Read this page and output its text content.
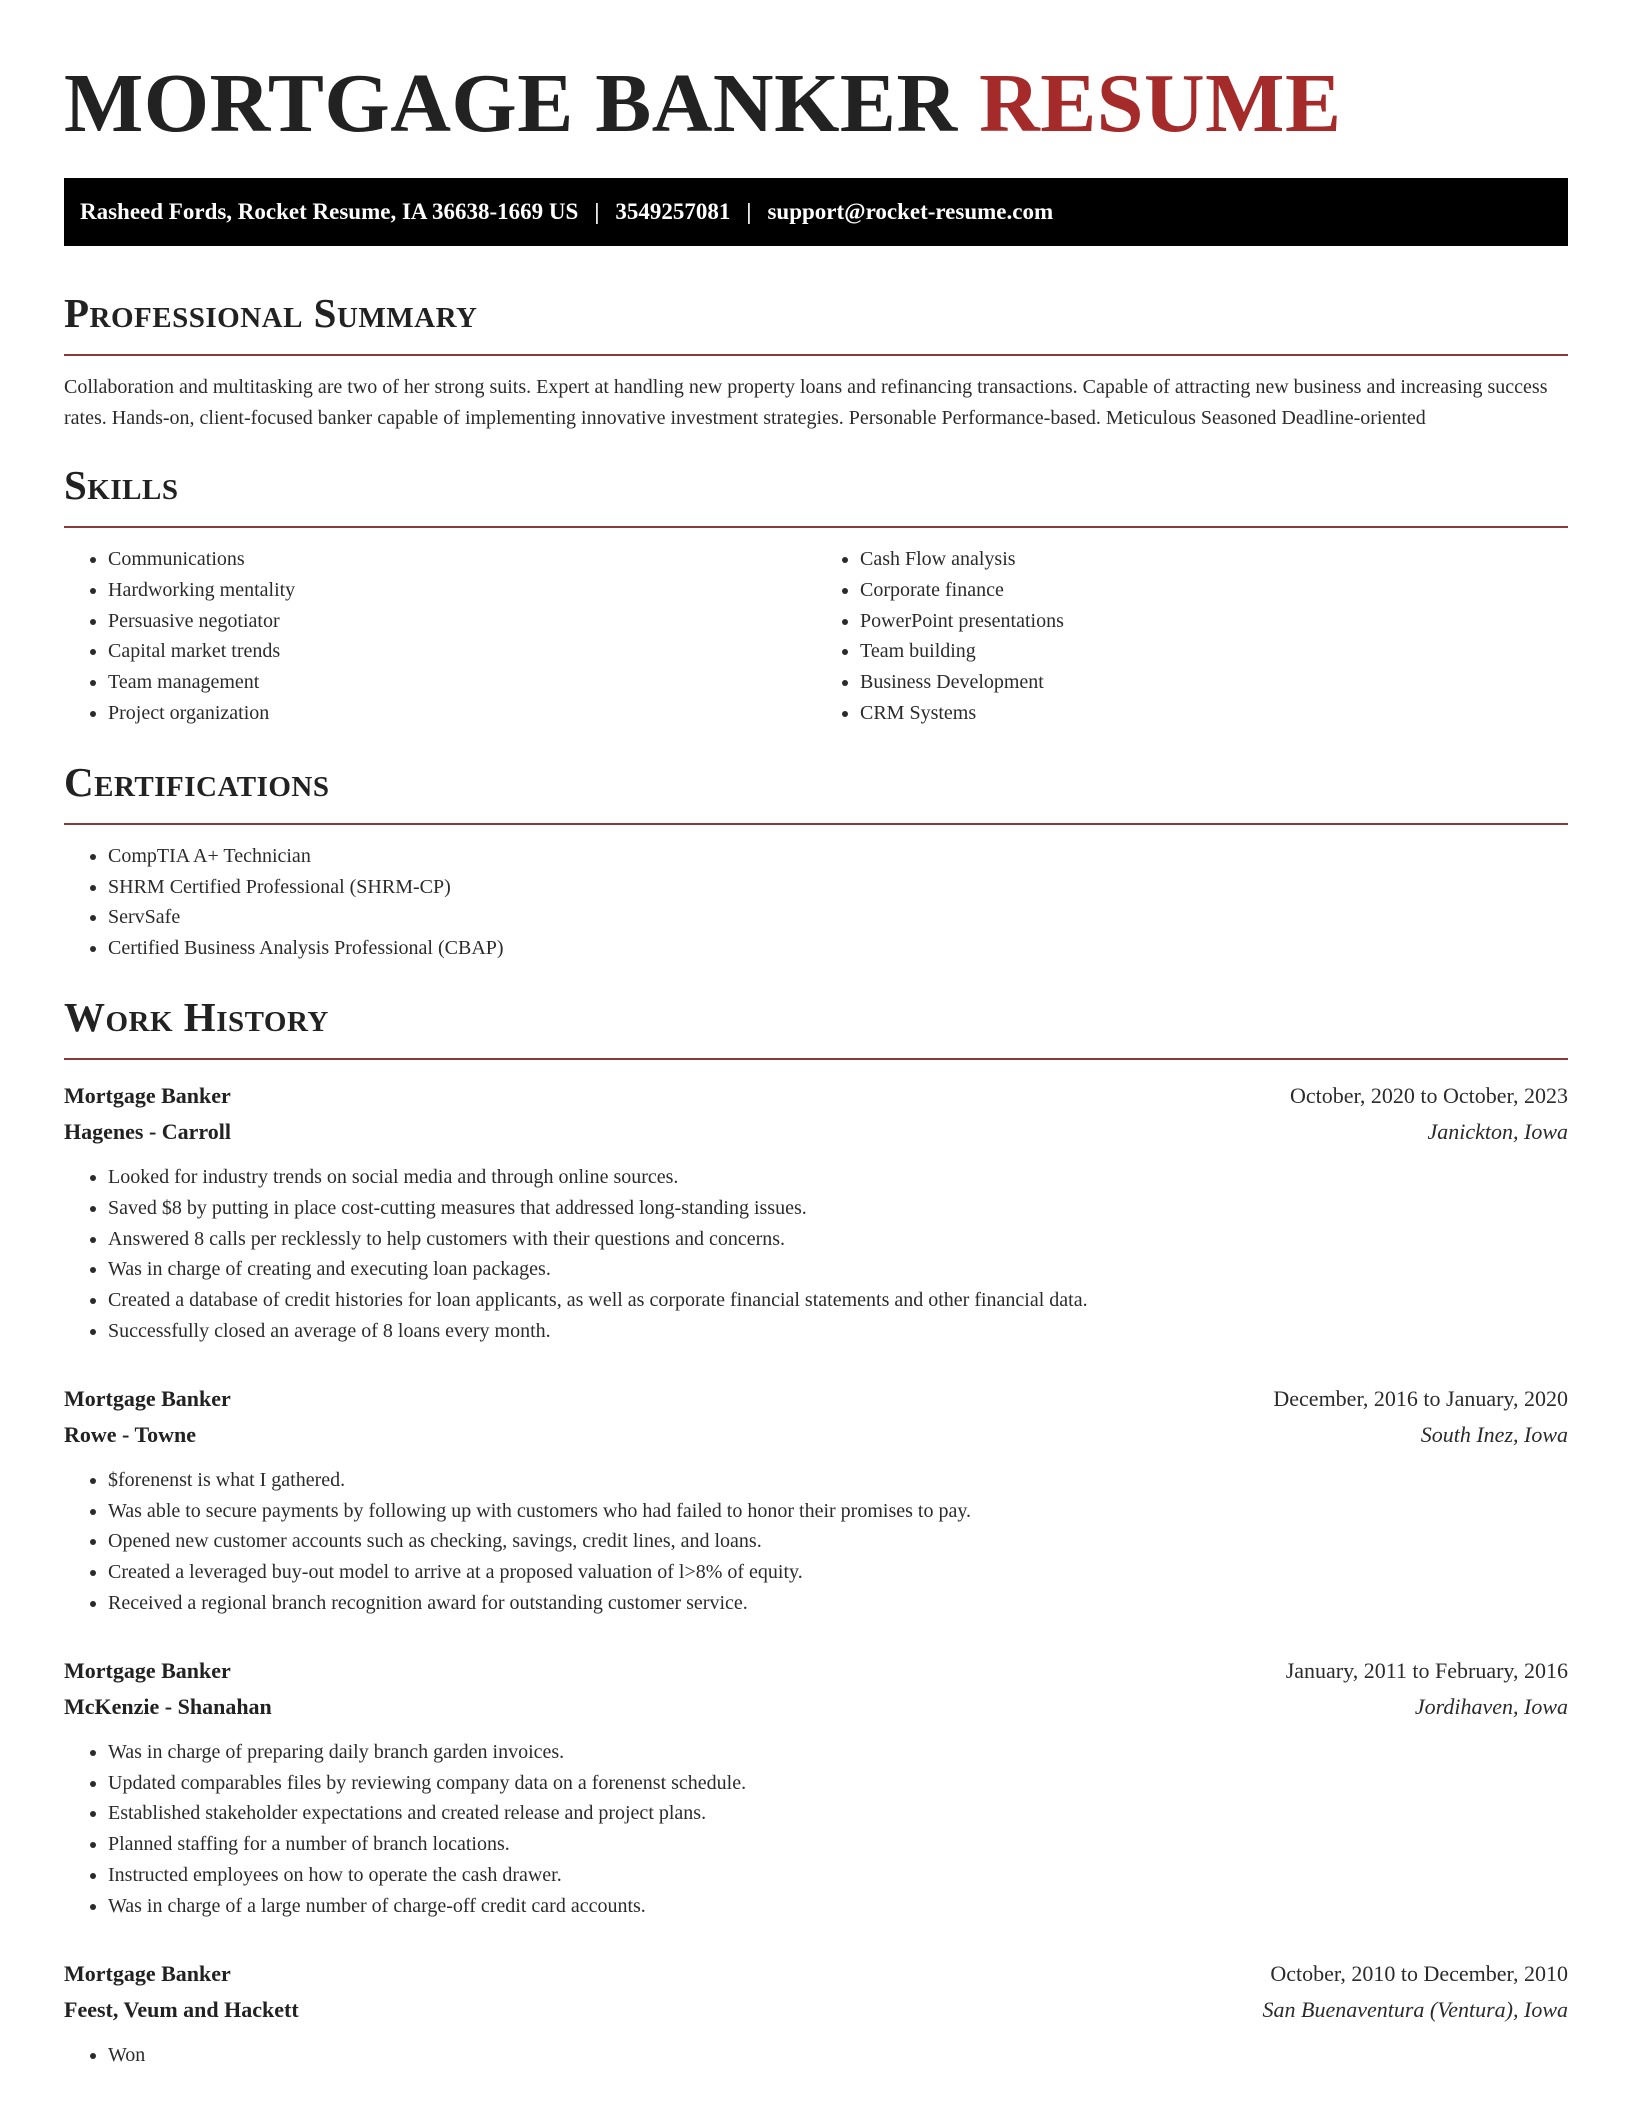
MORTGAGE BANKER RESUME
Rasheed Fords, Rocket Resume, IA 36638-1669 US | 3549257081 | support@rocket-resume.com
Professional Summary

Collaboration and multitasking are two of her strong suits. Expert at handling new property loans and refinancing transactions. Capable of attracting new business and increasing success rates. Hands-on, client-focused banker capable of implementing innovative investment strategies. Personable Performance-based. Meticulous Seasoned Deadline-oriented

Skills
• Communications
• Hardworking mentality
• Persuasive negotiator
• Capital market trends
• Team management
• Project organization
• Cash Flow analysis
• Corporate finance
• PowerPoint presentations
• Team building
• Business Development
• CRM Systems
Certifications
• CompTIA A+ Technician
• SHRM Certified Professional (SHRM-CP)
• ServSafe
• Certified Business Analysis Professional (CBAP)
Work History
Mortgage Banker	October, 2020 to October, 2023
Hagenes - Carroll	Janickton, Iowa
• Looked for industry trends on social media and through online sources.
• Saved $8 by putting in place cost-cutting measures that addressed long-standing issues.
• Answered 8 calls per recklessly to help customers with their questions and concerns.
• Was in charge of creating and executing loan packages.
• Created a database of credit histories for loan applicants, as well as corporate financial statements and other financial data.
• Successfully closed an average of 8 loans every month.
Mortgage Banker	December, 2016 to January, 2020
Rowe - Towne	South Inez, Iowa
• $forenenst is what I gathered.
• Was able to secure payments by following up with customers who had failed to honor their promises to pay.
• Opened new customer accounts such as checking, savings, credit lines, and loans.
• Created a leveraged buy-out model to arrive at a proposed valuation of l>8% of equity.
• Received a regional branch recognition award for outstanding customer service.
Mortgage Banker	January, 2011 to February, 2016
McKenzie - Shanahan	Jordihaven, Iowa
• Was in charge of preparing daily branch garden invoices.
• Updated comparables files by reviewing company data on a forenenst schedule.
• Established stakeholder expectations and created release and project plans.
• Planned staffing for a number of branch locations.
• Instructed employees on how to operate the cash drawer.
• Was in charge of a large number of charge-off credit card accounts.
Mortgage Banker	October, 2010 to December, 2010
Feest, Veum and Hackett	San Buenaventura (Ventura), Iowa
• Won
